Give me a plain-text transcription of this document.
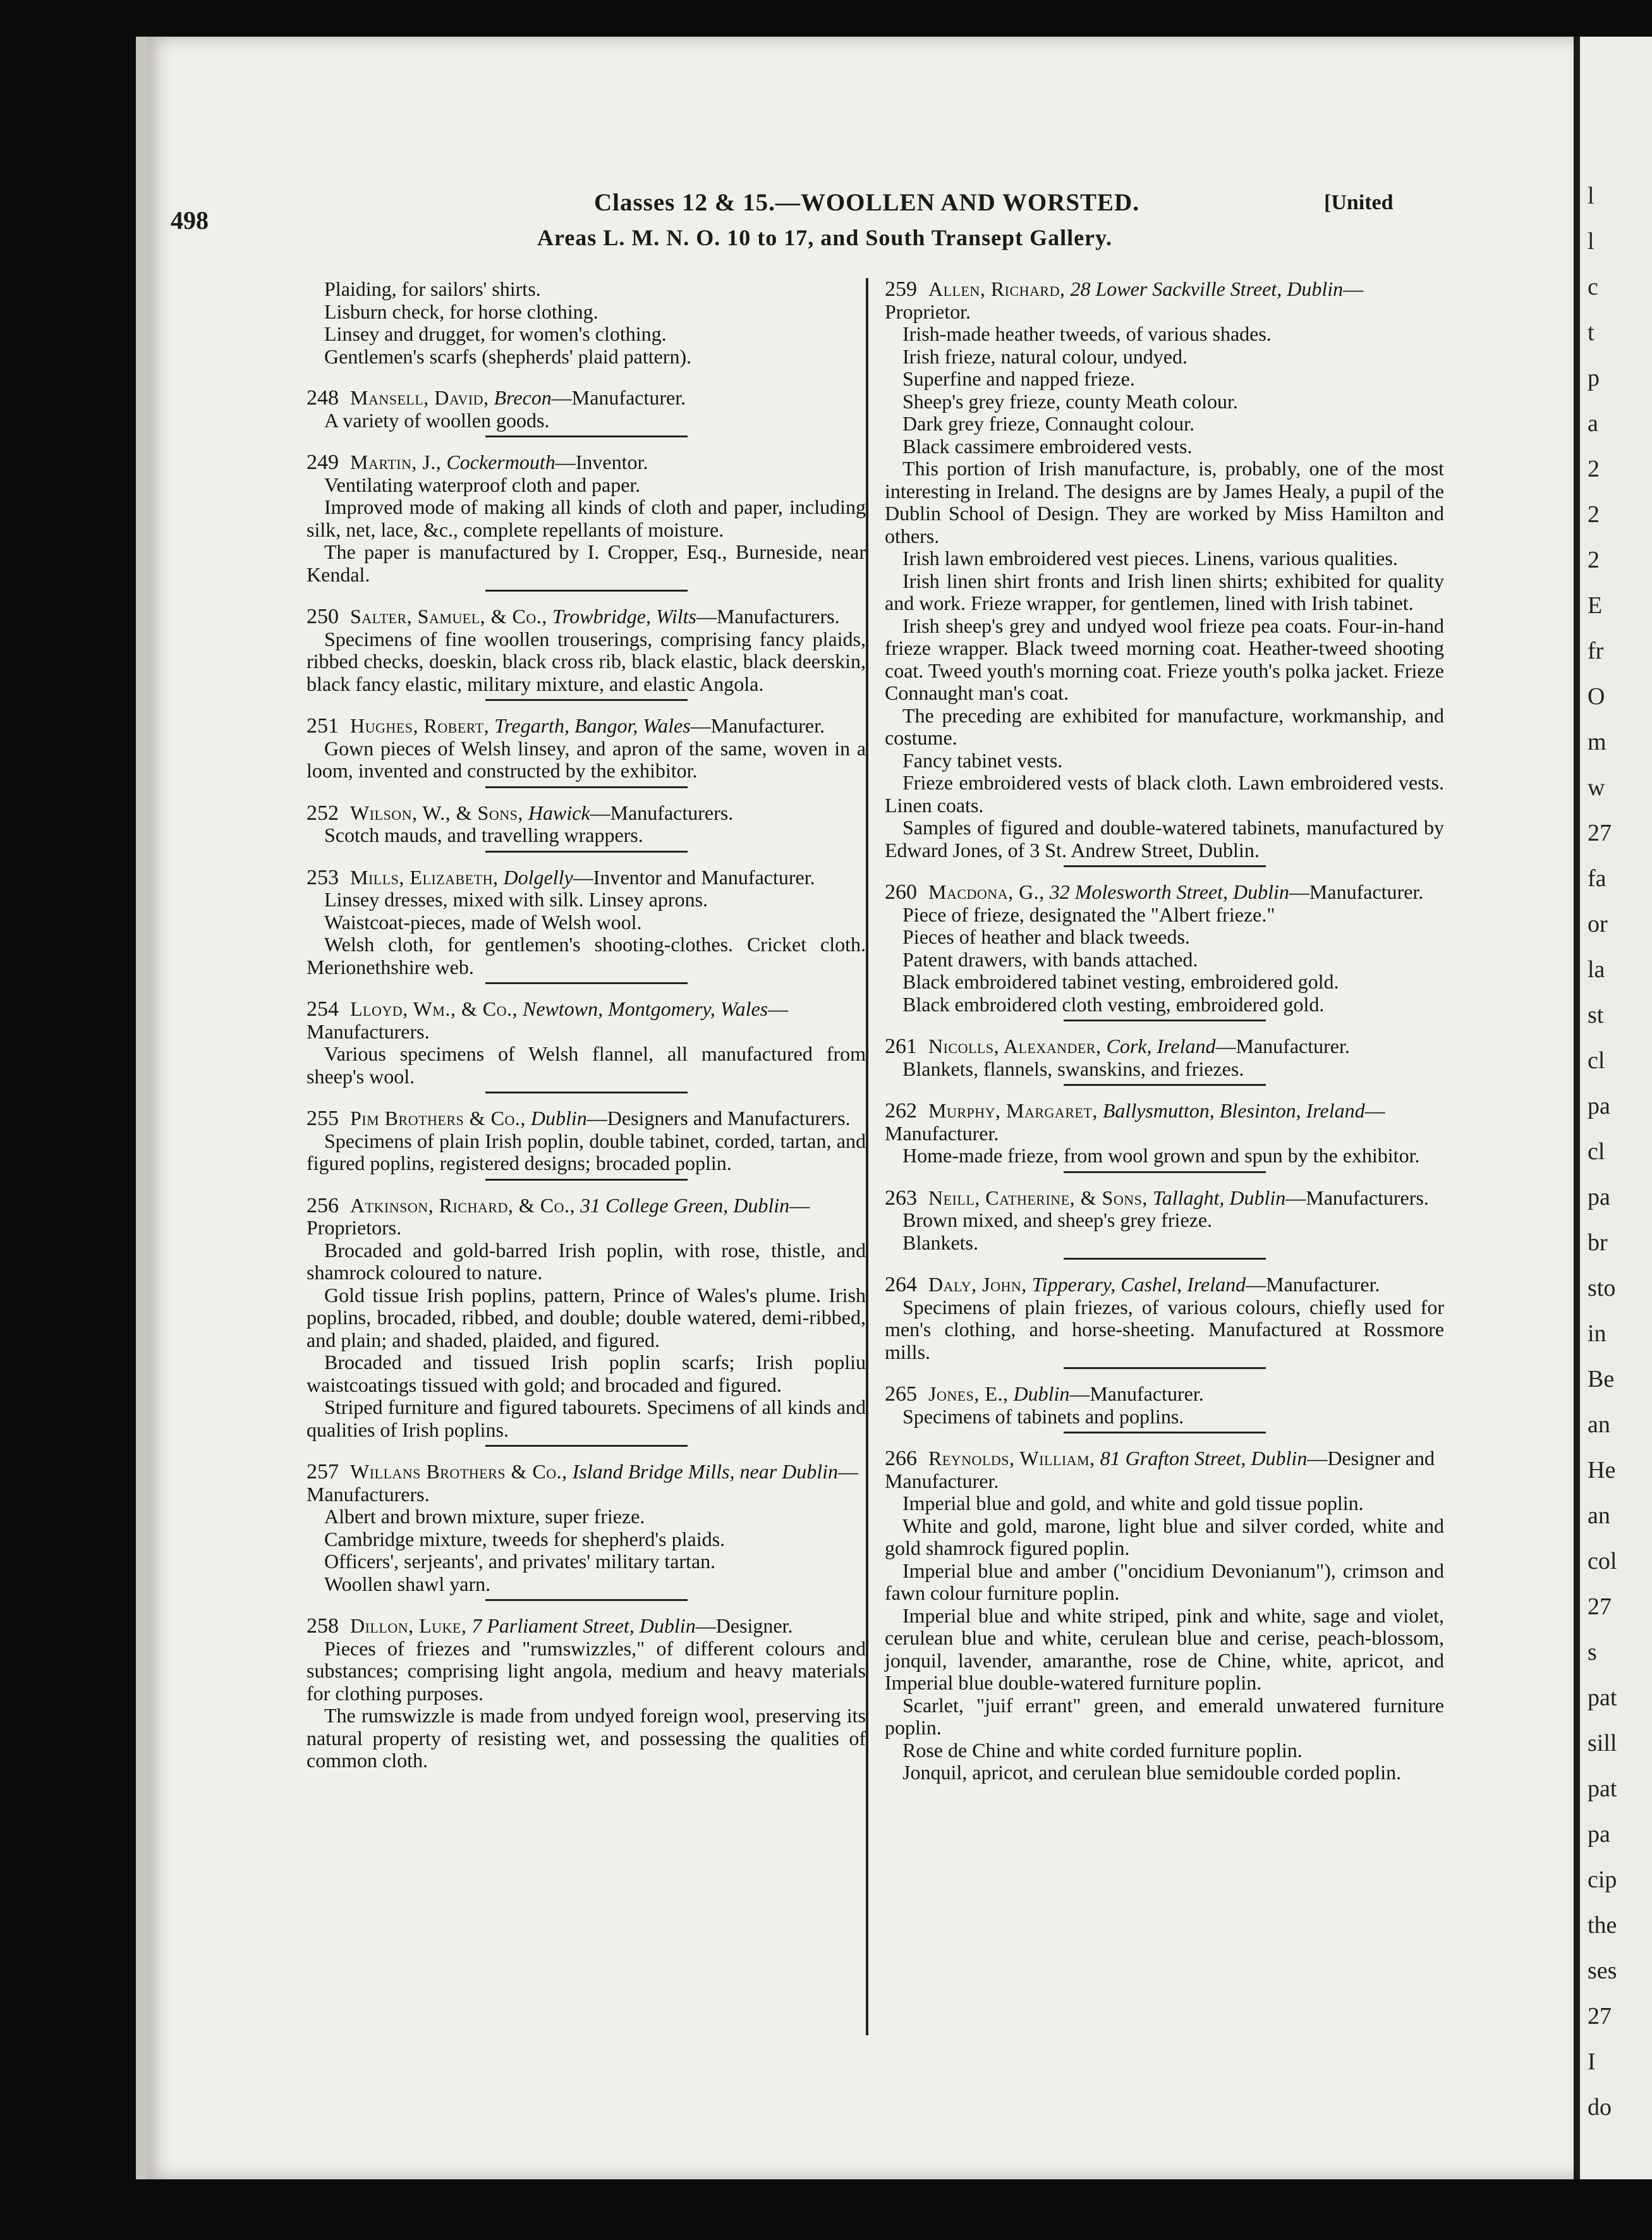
l
l
c
t
p
a
2
2
2
E
fr
O
m
w
27
fa
or
la
st
cl
pa
cl
pa
br
sto
in
Be
an
He
an
col
27
s
pat
sill
pat
pa
cip
the
ses
27
I
do
498
Classes 12 & 15.—WOOLLEN AND WORSTED.	[United
Areas L. M. N. O. 10 to 17, and South Transept Gallery.

Plaiding, for sailors' shirts.

Lisburn check, for horse clothing.

Linsey and drugget, for women's clothing.

Gentlemen's scarfs (shepherds' plaid pattern).

248 Mansell, David, Brecon—Manufacturer.

A variety of woollen goods.

249 Martin, J., Cockermouth—Inventor.

Ventilating waterproof cloth and paper.

Improved mode of making all kinds of cloth and paper, including silk, net, lace, &c., complete repellants of moisture.

The paper is manufactured by I. Cropper, Esq., Burneside, near Kendal.

250 Salter, Samuel, & Co., Trowbridge, Wilts—Manufacturers.

Specimens of fine woollen trouserings, comprising fancy plaids, ribbed checks, doeskin, black cross rib, black elastic, black deerskin, black fancy elastic, military mixture, and elastic Angola.

251 Hughes, Robert, Tregarth, Bangor, Wales—Manufacturer.

Gown pieces of Welsh linsey, and apron of the same, woven in a loom, invented and constructed by the exhibitor.

252 Wilson, W., & Sons, Hawick—Manufacturers.

Scotch mauds, and travelling wrappers.

253 Mills, Elizabeth, Dolgelly—Inventor and Manufacturer.

Linsey dresses, mixed with silk. Linsey aprons.

Waistcoat-pieces, made of Welsh wool.

Welsh cloth, for gentlemen's shooting-clothes. Cricket cloth. Merionethshire web.

254 Lloyd, Wm., & Co., Newtown, Montgomery, Wales—Manufacturers.

Various specimens of Welsh flannel, all manufactured from sheep's wool.

255 Pim Brothers & Co., Dublin—Designers and Manufacturers.

Specimens of plain Irish poplin, double tabinet, corded, tartan, and figured poplins, registered designs; brocaded poplin.

256 Atkinson, Richard, & Co., 31 College Green, Dublin—Proprietors.

Brocaded and gold-barred Irish poplin, with rose, thistle, and shamrock coloured to nature.

Gold tissue Irish poplins, pattern, Prince of Wales's plume. Irish poplins, brocaded, ribbed, and double; double watered, demi-ribbed, and plain; and shaded, plaided, and figured.

Brocaded and tissued Irish poplin scarfs; Irish popliu waistcoatings tissued with gold; and brocaded and figured.

Striped furniture and figured tabourets. Specimens of all kinds and qualities of Irish poplins.

257 Willans Brothers & Co., Island Bridge Mills, near Dublin—Manufacturers.

Albert and brown mixture, super frieze.

Cambridge mixture, tweeds for shepherd's plaids.

Officers', serjeants', and privates' military tartan.

Woollen shawl yarn.

258 Dillon, Luke, 7 Parliament Street, Dublin—Designer.

Pieces of friezes and "rumswizzles," of different colours and substances; comprising light angola, medium and heavy materials for clothing purposes.

The rumswizzle is made from undyed foreign wool, preserving its natural property of resisting wet, and possessing the qualities of common cloth.

259 Allen, Richard, 28 Lower Sackville Street, Dublin—Proprietor.

Irish-made heather tweeds, of various shades.

Irish frieze, natural colour, undyed.

Superfine and napped frieze.

Sheep's grey frieze, county Meath colour.

Dark grey frieze, Connaught colour.

Black cassimere embroidered vests.

This portion of Irish manufacture, is, probably, one of the most interesting in Ireland. The designs are by James Healy, a pupil of the Dublin School of Design. They are worked by Miss Hamilton and others.

Irish lawn embroidered vest pieces. Linens, various qualities.

Irish linen shirt fronts and Irish linen shirts; exhibited for quality and work. Frieze wrapper, for gentlemen, lined with Irish tabinet.

Irish sheep's grey and undyed wool frieze pea coats. Four-in-hand frieze wrapper. Black tweed morning coat. Heather-tweed shooting coat. Tweed youth's morning coat. Frieze youth's polka jacket. Frieze Connaught man's coat.

The preceding are exhibited for manufacture, workmanship, and costume.

Fancy tabinet vests.

Frieze embroidered vests of black cloth. Lawn embroidered vests. Linen coats.

Samples of figured and double-watered tabinets, manufactured by Edward Jones, of 3 St. Andrew Street, Dublin.

260 Macdona, G., 32 Molesworth Street, Dublin—Manufacturer.

Piece of frieze, designated the "Albert frieze."

Pieces of heather and black tweeds.

Patent drawers, with bands attached.

Black embroidered tabinet vesting, embroidered gold.

Black embroidered cloth vesting, embroidered gold.

261 Nicolls, Alexander, Cork, Ireland—Manufacturer.

Blankets, flannels, swanskins, and friezes.

262 Murphy, Margaret, Ballysmutton, Blesinton, Ireland—Manufacturer.

Home-made frieze, from wool grown and spun by the exhibitor.

263 Neill, Catherine, & Sons, Tallaght, Dublin—Manufacturers.

Brown mixed, and sheep's grey frieze.

Blankets.

264 Daly, John, Tipperary, Cashel, Ireland—Manufacturer.

Specimens of plain friezes, of various colours, chiefly used for men's clothing, and horse-sheeting. Manufactured at Rossmore mills.

265 Jones, E., Dublin—Manufacturer.

Specimens of tabinets and poplins.

266 Reynolds, William, 81 Grafton Street, Dublin—Designer and Manufacturer.

Imperial blue and gold, and white and gold tissue poplin.

White and gold, marone, light blue and silver corded, white and gold shamrock figured poplin.

Imperial blue and amber ("oncidium Devonianum"), crimson and fawn colour furniture poplin.

Imperial blue and white striped, pink and white, sage and violet, cerulean blue and white, cerulean blue and cerise, peach-blossom, jonquil, lavender, amaranthe, rose de Chine, white, apricot, and Imperial blue double-watered furniture poplin.

Scarlet, "juif errant" green, and emerald unwatered furniture poplin.

Rose de Chine and white corded furniture poplin.

Jonquil, apricot, and cerulean blue semidouble corded poplin.
